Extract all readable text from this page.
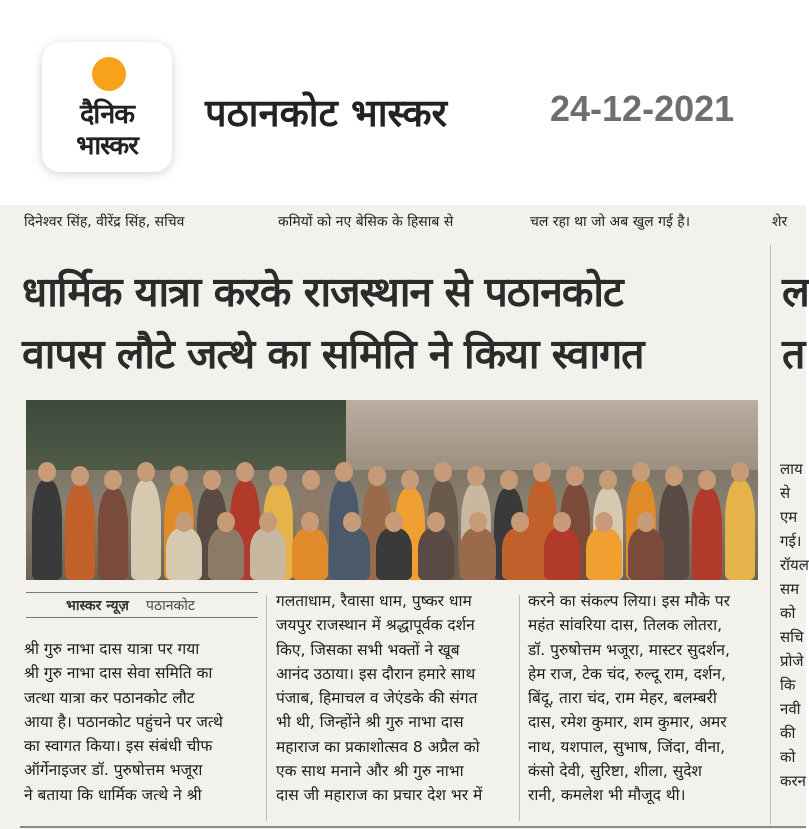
दैनिक
भास्कर
पठानकोट भास्कर	24-12-2021
दिनेश्वर सिंह, वीरेंद्र सिंह, सचिव	कमियों को नए बेसिक के हिसाब से	चल रहा था जो अब खुल गई है।	शेर
धार्मिक यात्रा करके राजस्थान से पठानकोट
वापस लौटे जत्थे का समिति ने किया स्वागत
ल
त
भास्कर न्यूज़ पठानकोट
श्री गुरु नाभा दास यात्रा पर गया
श्री गुरु नाभा दास सेवा समिति का
जत्था यात्रा कर पठानकोट लौट
आया है। पठानकोट पहुंचने पर जत्थे
का स्वागत किया। इस संबंधी चीफ
ऑर्गेनाइजर डॉ. पुरुषोत्तम भजूरा
ने बताया कि धार्मिक जत्थे ने श्री
गलताधाम, रैवासा धाम, पुष्कर धाम
जयपुर राजस्थान में श्रद्धापूर्वक दर्शन
किए, जिसका सभी भक्तों ने खूब
आनंद उठाया। इस दौरान हमारे साथ
पंजाब, हिमाचल व जेएंडके की संगत
भी थी, जिन्होंने श्री गुरु नाभा दास
महाराज का प्रकाशोत्सव 8 अप्रैल को
एक साथ मनाने और श्री गुरु नाभा
दास जी महाराज का प्रचार देश भर में
करने का संकल्प लिया। इस मौके पर
महंत सांवरिया दास, तिलक लोतरा,
डॉ. पुरुषोत्तम भजूरा, मास्टर सुदर्शन,
हेम राज, टेक चंद, रुल्दू राम, दर्शन,
बिंदू, तारा चंद, राम मेहर, बलम्बरी
दास, रमेश कुमार, शम कुमार, अमर
नाथ, यशपाल, सुभाष, जिंदा, वीना,
कंसो देवी, सुरिष्टा, शीला, सुदेश
रानी, कमलेश भी मौजूद थी।
लाय
से
एम
गई।
रॉयल
सम
को
सचि
प्रोजे
कि
नवी
की
को
करन
